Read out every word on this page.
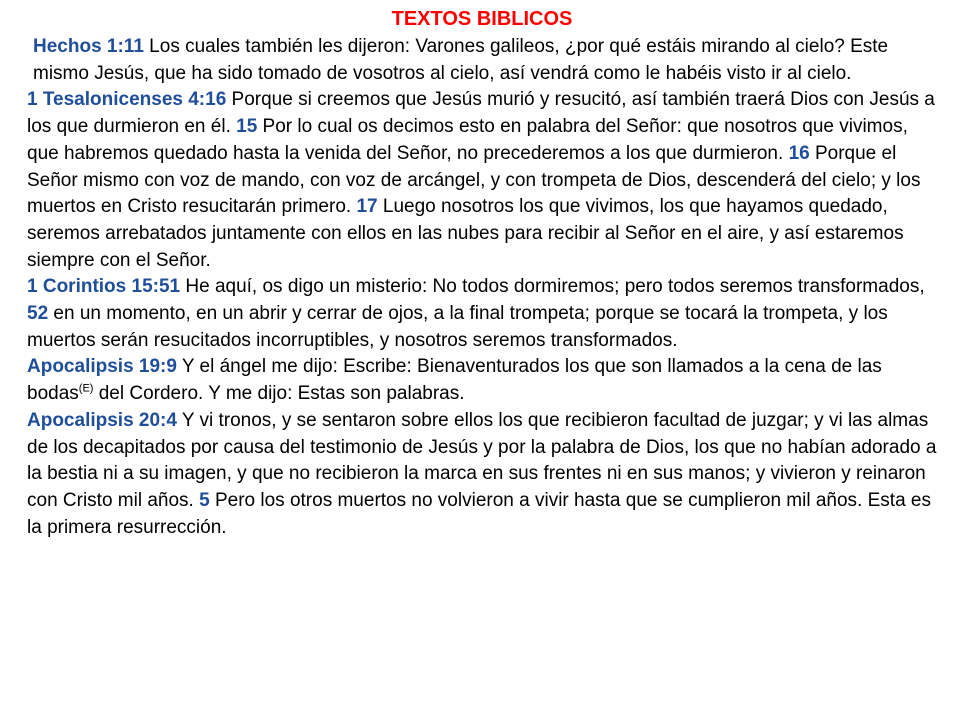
TEXTOS BIBLICOS

Hechos 1:11 Los cuales también les dijeron: Varones galileos, ¿por qué estáis mirando al cielo? Este mismo Jesús, que ha sido tomado de vosotros al cielo, así vendrá como le habéis visto ir al cielo.

1 Tesalonicenses 4:16 Porque si creemos que Jesús murió y resucitó, así también traerá Dios con Jesús a los que durmieron en él. 15 Por lo cual os decimos esto en palabra del Señor: que nosotros que vivimos, que habremos quedado hasta la venida del Señor, no precederemos a los que durmieron. 16 Porque el Señor mismo con voz de mando, con voz de arcángel, y con trompeta de Dios, descenderá del cielo; y los muertos en Cristo resucitarán primero. 17 Luego nosotros los que vivimos, los que hayamos quedado, seremos arrebatados juntamente con ellos en las nubes para recibir al Señor en el aire, y así estaremos siempre con el Señor.

1 Corintios 15:51 He aquí, os digo un misterio: No todos dormiremos; pero todos seremos transformados, 52 en un momento, en un abrir y cerrar de ojos, a la final trompeta; porque se tocará la trompeta, y los muertos serán resucitados incorruptibles, y nosotros seremos transformados.

Apocalipsis 19:9 Y el ángel me dijo: Escribe: Bienaventurados los que son llamados a la cena de las bodas$^{(E)}$ del Cordero. Y me dijo: Estas son palabras.

Apocalipsis 20:4 Y vi tronos, y se sentaron sobre ellos los que recibieron facultad de juzgar; y vi las almas de los decapitados por causa del testimonio de Jesús y por la palabra de Dios, los que no habían adorado a la bestia ni a su imagen, y que no recibieron la marca en sus frentes ni en sus manos; y vivieron y reinaron con Cristo mil años. 5 Pero los otros muertos no volvieron a vivir hasta que se cumplieron mil años. Esta es la primera resurrección.
